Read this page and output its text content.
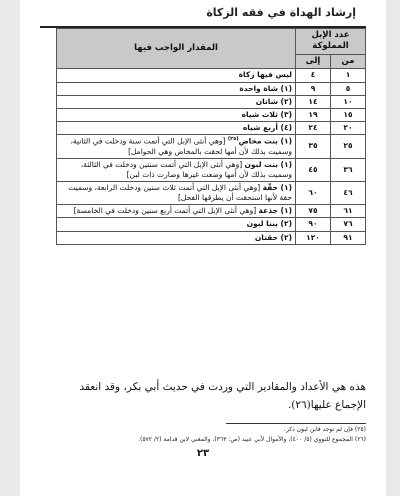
إرشاد الهداة في فقه الزكاة
عدد الإبل المملوكة		المقدار الواجب فيها
من	إلى	
١	٤	ليس فيها زكاة
٥	٩	(١) شاة واحدة
١٠	١٤	(٢) شاتان
١٥	١٩	(٣) ثلاث شياه
٢٠	٢٤	(٤) أربع شياه
٢٥	٣٥	(١) بنت مخاض$^{(٢٥)}$ [وهي أنثى الإبل التي أتمت سنة ودخلت في الثانية، وسميت بذلك لأن أمها لحقت بالمخاض وهي الحوامل]
٣٦	٤٥	(١) بنت لبون [وهي أنثى الإبل التي أتمت سنتين ودخلت في الثالثة، وسميت بذلك لأن أمها وضعت غيرها وصارت ذات لبن]
٤٦	٦٠	(١) حقّة [وهي أنثى الإبل التي أتمت ثلاث سنين ودخلت الرابعة، وسميت حقة لأنها استحقت أن يطرقها الفحل]
٦١	٧٥	(١) جذعة [وهي أنثى الإبل التي أتمت أربع سنين ودخلت في الخامسة]
٧٦	٩٠	(٢) بنتا لبون
٩١	١٢٠	(٢) حقتان
هذه هي الأعداد والمقادير التي وردت في حديث أبي بكر، وقد انعقد الإجماع عليها(٢٦).
(٢٥) فإن لم توجد فابن لبون ذكر.
(٢٦) المجموع للنووي (٥/ ٤٠٠)، والأموال لأبي عبيد (ص: ٣٦٣)، والمغني لابن قدامة (٢/ ٥٧٢).
٢٣
